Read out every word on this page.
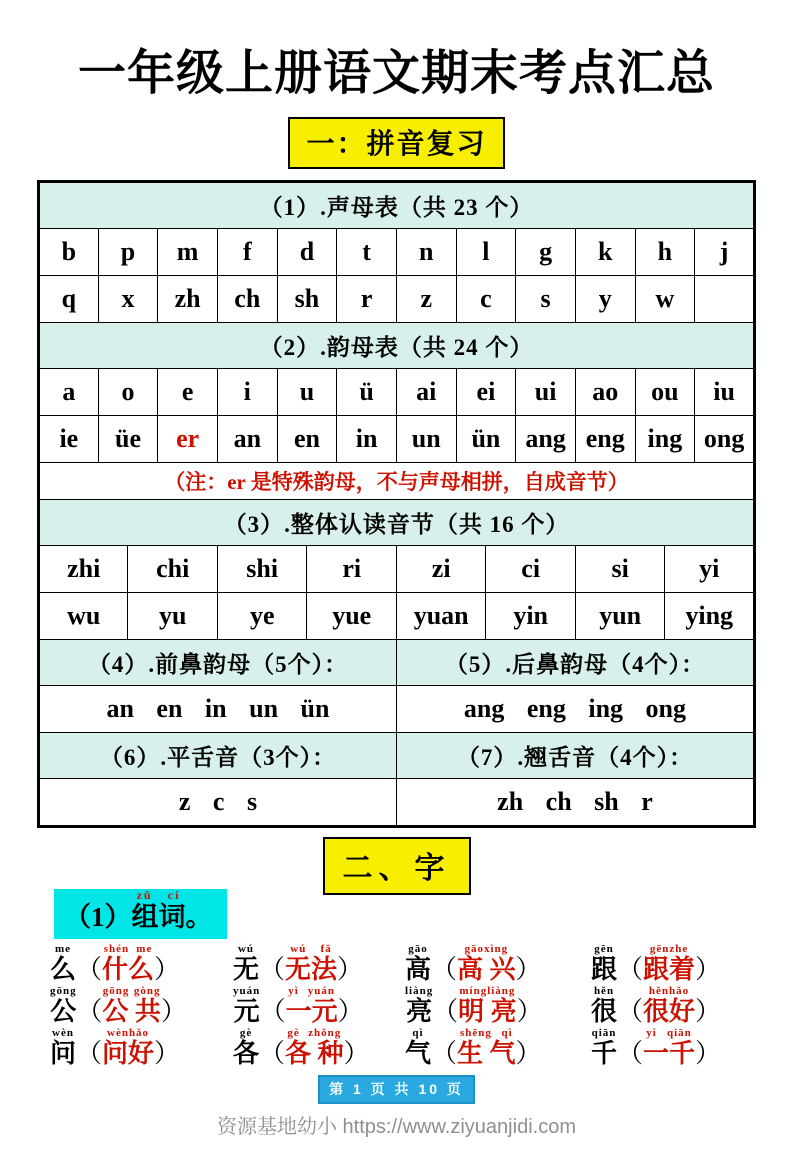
一年级上册语文期末考点汇总
一：拼音复习
（1）.声母表（共 23 个）															
b	p		m	f	d		t	n	l		g	k	h		j
q	x		zh	ch	sh		r	z	c		s	y	w		
（2）.韵母表（共 24 个）															
a	o		e	i	u		ü	ai	ei		ui	ao	ou		iu
ie	üe		er	an	en		in	un	ün		ang	eng	ing		ong
（注：er 是特殊韵母，不与声母相拼，自成音节）															
（3）.整体认读音节（共 16 个）															
zhi		chi		shi		ri		zi		ci		si		yi	
wu		yu		ye		yue		yuan		yin		yun		ying	
（4）.前鼻韵母（5个）：								（5）.后鼻韵母（4个）：							
an en in un ün								ang eng ing ong							
（6）.平舌音（3个）：								（7）.翘舌音（4个）：							
z c s								zh ch sh r							
二、字
（1）组词zǔ cí。
么me（什么shén me）	无wú（无法wú fǎ）	高gāo（高 兴gāoxìng）	跟gēn（跟着gēnzhe）
公gōng（公 共gōng gòng）	元yuán（一元yì yuán）	亮liàng（明 亮míngliàng）	很hěn（很好hěnhǎo）
问wèn（问好wènhǎo）	各gè（各 种gè zhǒng）	气qì（生 气shēng qì）	千qiān（一千yì qiān）
第 1 页 共 10 页
资源基地幼小 https://www.ziyuanjidi.com
